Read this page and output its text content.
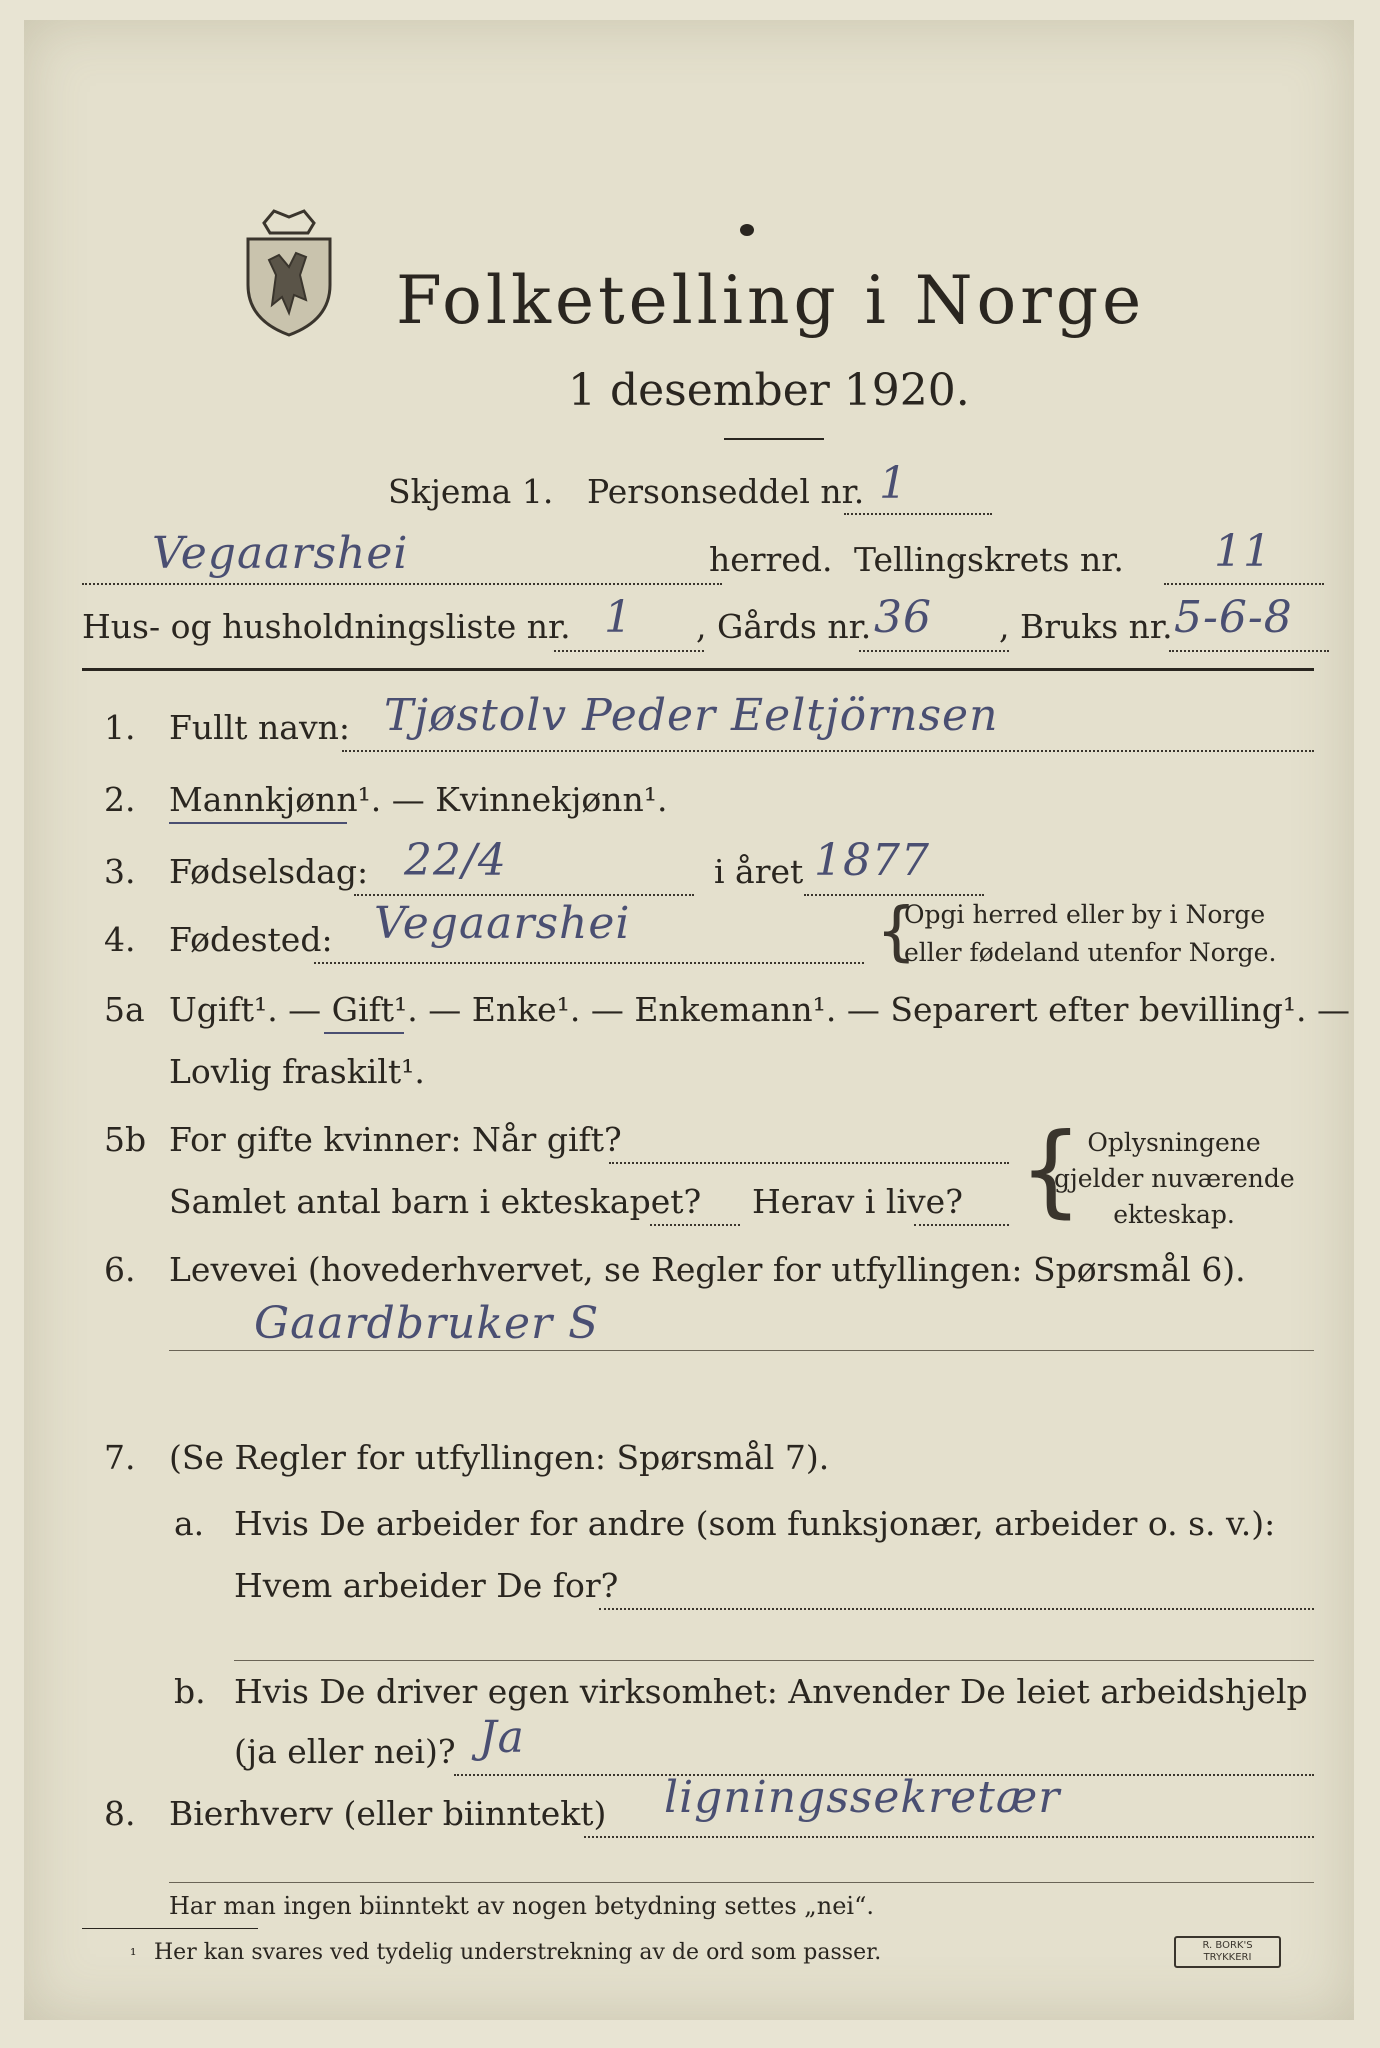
Folketelling i Norge
1 desember 1920.
Skjema 1. Personseddel nr. 1
Vegaarshei	herred. Tellingskrets nr. 11
Hus- og husholdningsliste nr. 1 , Gårds nr. 36 , Bruks nr. 5-6-8
1. Fullt navn: Tjøstolv Peder Eeltjörnsen
2. Mannkjønn¹. — Kvinnekjønn¹.
3. Fødselsdag: 22/4	i året 1877
4. Fødested: Vegaarshei	{
Opgi herred eller by i Norge
eller fødeland utenfor Norge.
5a Ugift¹. — Gift¹. — Enke¹. — Enkemann¹. — Separert efter bevilling¹. —
Lovlig fraskilt¹.
5b For gifte kvinner: Når gift?
Samlet antal barn i ekteskapet? Herav i live? { Oplysningene
gjelder nuværende
ekteskap.
6. Levevei (hovederhvervet, se Regler for utfyllingen: Spørsmål 6).
Gaardbruker S
7. (Se Regler for utfyllingen: Spørsmål 7).
a. Hvis De arbeider for andre (som funksjonær, arbeider o. s. v.):
Hvem arbeider De for?
b. Hvis De driver egen virksomhet: Anvender De leiet arbeidshjelp
(ja eller nei)? Ja
8. Bierhverv (eller biinntekt) ligningssekretær
Har man ingen biinntekt av nogen betydning settes „nei“.
¹ Her kan svares ved tydelig understrekning av de ord som passer.	R. BORK'S TRYKKERI
